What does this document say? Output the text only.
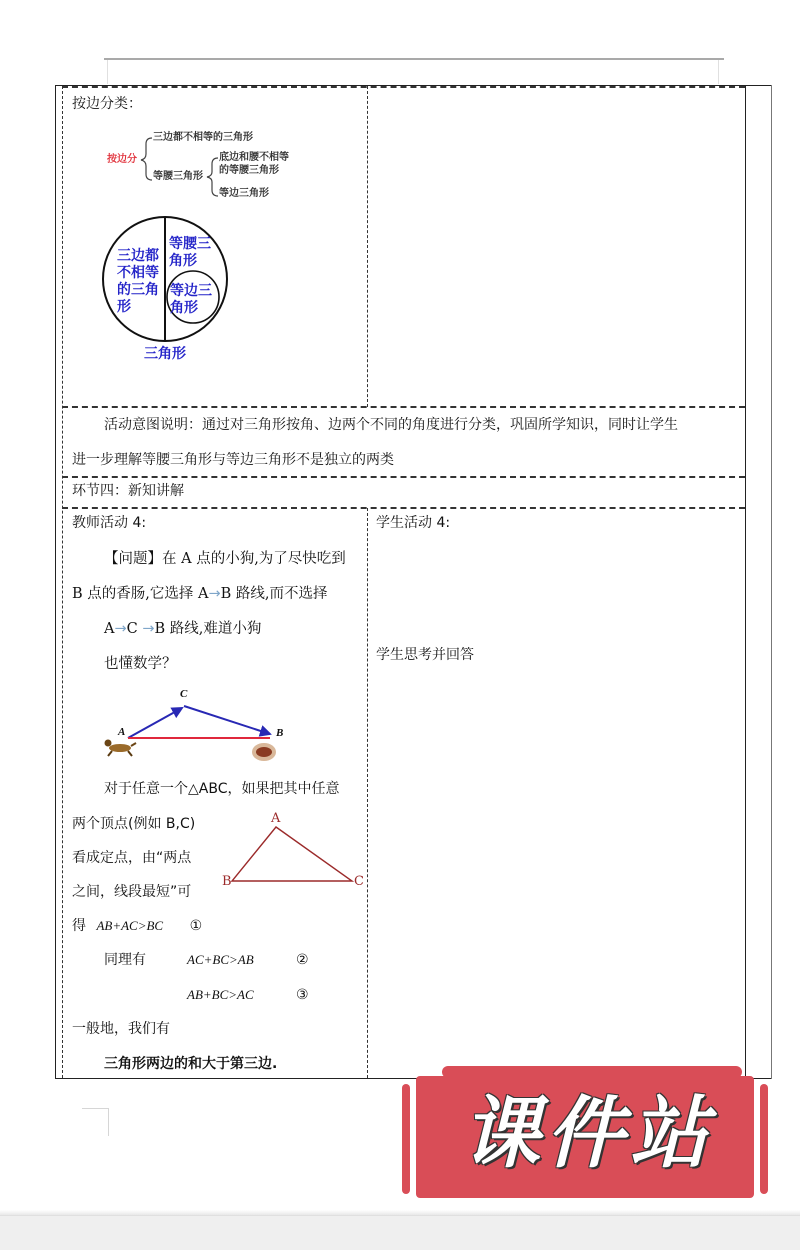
按边分类：
按边分
三边都不相等的三角形
等腰三角形
底边和腰不相等
的等腰三角形
等边三角形
三边都
不相等
的三角
形
等腰三
角形
等边三
角形
三角形
活动意图说明：通过对三角形按角、边两个不同的角度进行分类，巩固所学知识，同时让学生
进一步理解等腰三角形与等边三角形不是独立的两类
环节四：新知讲解
教师活动 4:
【问题】在 A 点的小狗,为了尽快吃到
B 点的香肠,它选择 A→B 路线,而不选择
A→C →B 路线,难道小狗
也懂数学？
C
A	B
对于任意一个△ABC，如果把其中任意
两个顶点(例如 B,C)
看成定点，由“两点
之间，线段最短”可
得 AB+AC>BC ①
A
B	C
同理有	AC+BC>AB	②
AB+BC>AC	③
一般地，我们有
三角形两边的和大于第三边.
学生活动 4:
学生思考并回答
课件站
